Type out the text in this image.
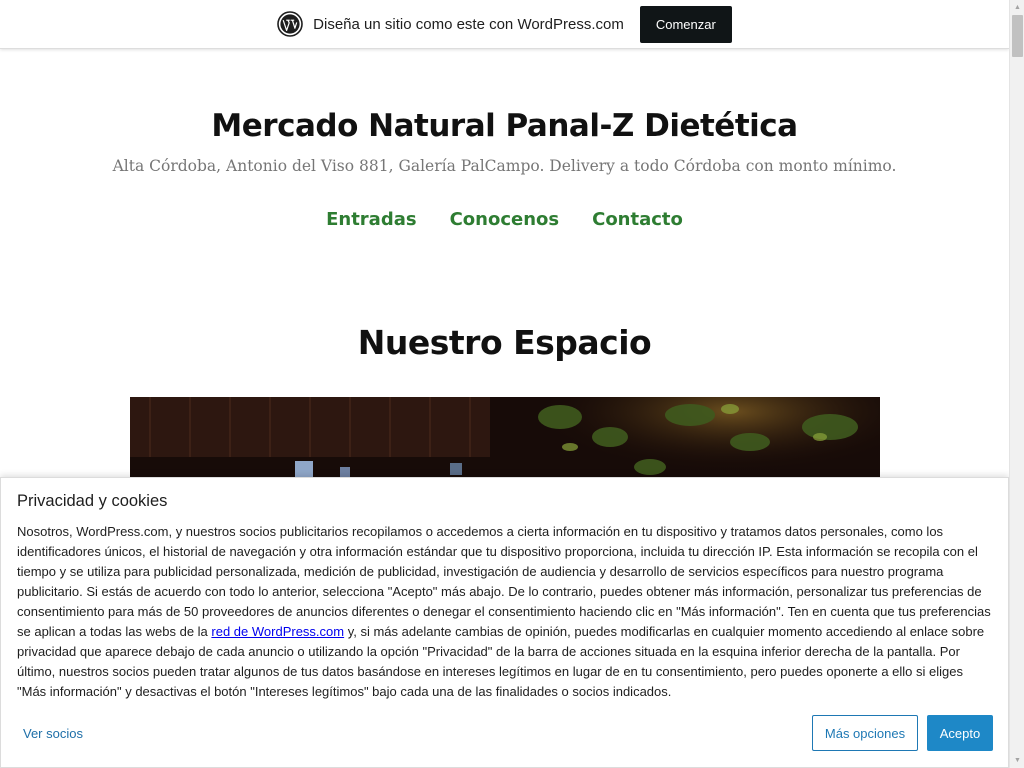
Diseña un sitio como este con WordPress.com	Comenzar
▲
▼
Mercado Natural Panal-Z Dietética
Alta Córdoba, Antonio del Viso 881, Galería PalCampo. Delivery a todo Córdoba con monto mínimo.
Entradas Conocenos Contacto
Nuestro Espacio
Privacidad y cookies
Nosotros, WordPress.com, y nuestros socios publicitarios recopilamos o accedemos a cierta información en tu dispositivo y tratamos datos personales, como los identificadores únicos, el historial de navegación y otra información estándar que tu dispositivo proporciona, incluida tu dirección IP. Esta información se recopila con el tiempo y se utiliza para publicidad personalizada, medición de publicidad, investigación de audiencia y desarrollo de servicios específicos para nuestro programa publicitario. Si estás de acuerdo con todo lo anterior, selecciona "Acepto" más abajo. De lo contrario, puedes obtener más información, personalizar tus preferencias de consentimiento para más de 50 proveedores de anuncios diferentes o denegar el consentimiento haciendo clic en "Más información". Ten en cuenta que tus preferencias se aplican a todas las webs de la red de WordPress.com y, si más adelante cambias de opinión, puedes modificarlas en cualquier momento accediendo al enlace sobre privacidad que aparece debajo de cada anuncio o utilizando la opción "Privacidad" de la barra de acciones situada en la esquina inferior derecha de la pantalla. Por último, nuestros socios pueden tratar algunos de tus datos basándose en intereses legítimos en lugar de en tu consentimiento, pero puedes oponerte a ello si eliges "Más información" y desactivas el botón "Intereses legítimos" bajo cada una de las finalidades o socios indicados.
Ver socios	Más opciones	Acepto
